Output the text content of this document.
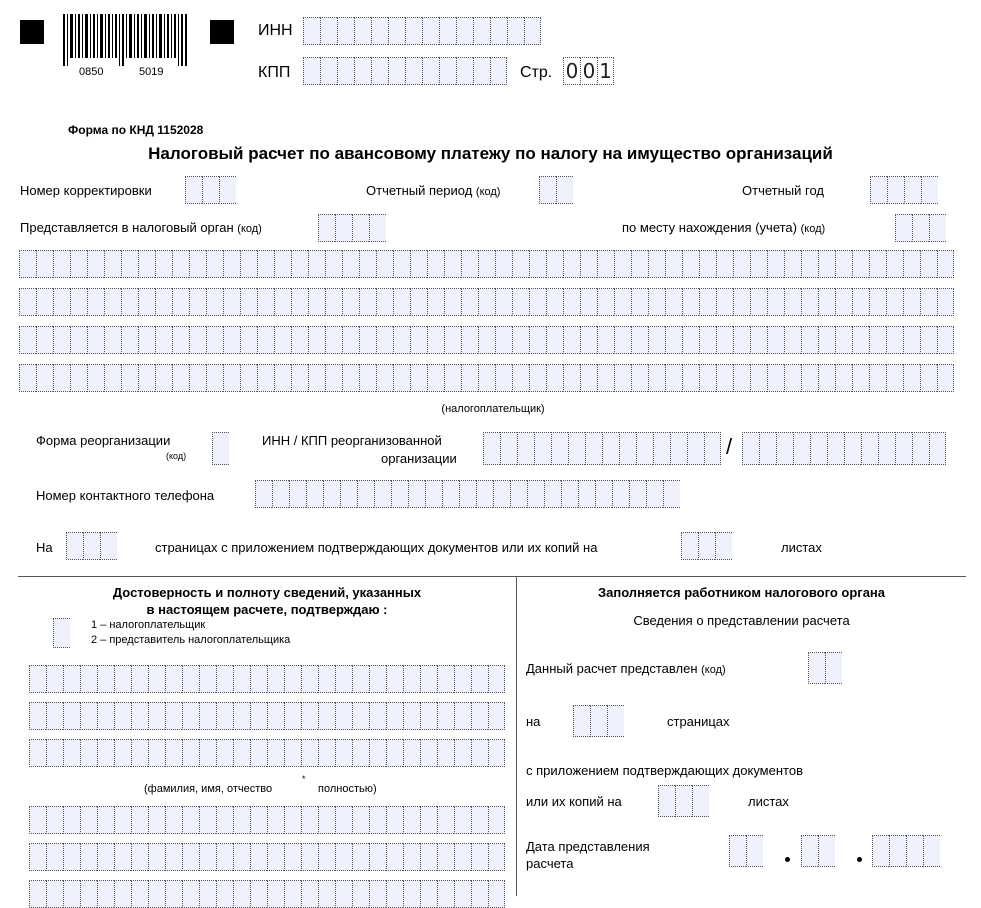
0850	5019
ИНН
КПП	Стр. 0 0 1
Форма по КНД 1152028
Налоговый расчет по авансовому платежу по налогу на имущество организаций
Номер корректировки	Отчетный период (код)	Отчетный год
Представляется в налоговый орган (код)	по месту нахождения (учета) (код)
(налогоплательщик)
Форма реорганизации
(код)
ИНН / КПП реорганизованной
организации	/
Номер контактного телефона
На	страницах с приложением подтверждающих документов или их копий на	листах
Достоверность и полноту сведений, указанных
в настоящем расчете, подтверждаю :
1 – налогоплательщик
2 – представитель налогоплательщика
(фамилия, имя, отчество
*
полностью)
Заполняется работником налогового органа
Сведения о представлении расчета
Данный расчет представлен (код)
на	страницах
с приложением подтверждающих документов
или их копий на	листах
Дата представления
расчета
